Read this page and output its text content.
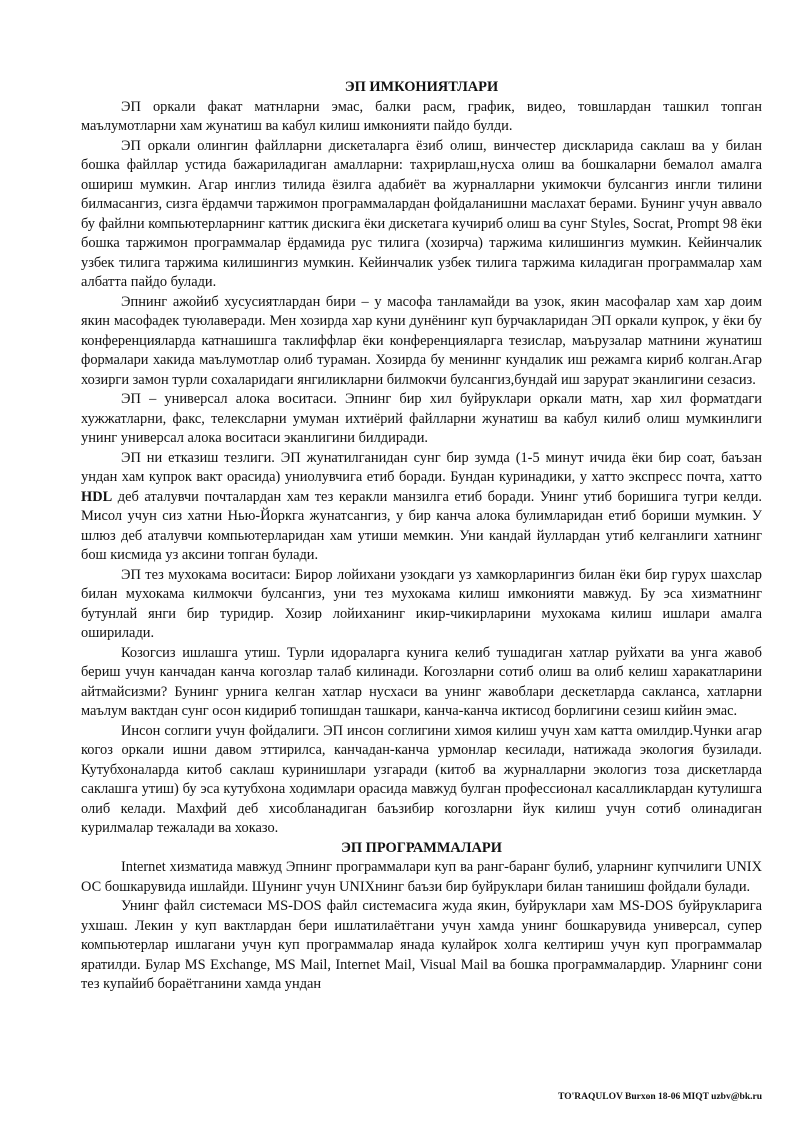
ЭП ИМКОНИЯТЛАРИ

ЭП оркали факат матнларни эмас, балки расм, график, видео, товшлардан ташкил топган маълумотларни хам жунатиш ва кабул килиш имконияти пайдо булди.

ЭП оркали олингин файлларни дискеталарга ёзиб олиш, винчестер дискларида саклаш ва у билан бошка файллар устида бажариладиган амалларни: тахрирлаш,нусха олиш ва бошкаларни бемалол амалга ошириш мумкин. Агар инглиз тилида ёзилга адабиёт ва журналларни укимокчи булсангиз ингли тилини билмасангиз, сизга ёрдамчи таржимон программалардан фойдаланишни маслахат берами. Бунинг учун аввало бу файлни компьютерларнинг каттик дискига ёки дискетага кучириб олиш ва сунг Styles, Socrat, Prompt 98 ёки бошка таржимон программалар ёрдамида рус тилига (хозирча) таржима килишингиз мумкин. Кейинчалик узбек тилига таржима килишингиз мумкин. Кейинчалик узбек тилига таржима киладиган программалар хам албатта пайдо булади.

Эпнинг ажойиб хусусиятлардан бири – у масофа танламайди ва узок, якин масофалар хам хар доим якин масофадек туюлаверади. Мен хозирда хар куни дунёнинг куп бурчакларидан ЭП оркали купрок, у ёки бу конференцияларда катнашишга таклиффлар ёки конференцияларга тезислар, маърузалар матнини жунатиш формалари хакида маълумотлар олиб тураман. Хозирда бу мениннг кундалик иш режамга кириб колган.Агар хозирги замон турли сохаларидаги янгиликларни билмокчи булсангиз,бундай иш зарурат эканлигини сезасиз.

ЭП – универсал алока воситаси. Эпнинг бир хил буйруклари оркали матн, хар хил форматдаги хужжатларни, факс, телексларни умуман ихтиёрий файлларни жунатиш ва кабул килиб олиш мумкинлиги унинг универсал алока воситаси эканлигини билдиради.

ЭП ни етказиш тезлиги. ЭП жунатилганидан сунг бир зумда (1-5 минут ичида ёки бир соат, баъзан ундан хам купрок вакт орасида) униолувчига етиб боради. Бундан куринадики, у хатто экспресс почта, хатто HDL деб аталувчи почталардан хам тез керакли манзилга етиб боради. Унинг утиб боришига тугри келди. Мисол учун сиз хатни Нью-Йоркга жунатсангиз, у бир канча алока булимларидан етиб бориши мумкин. У шлюз деб аталувчи компьютерларидан хам утиши мемкин. Уни кандай йуллардан утиб келганлиги хатнинг бош кисмида уз аксини топган булади.

ЭП тез мухокама воситаси: Бирор лойихани узокдаги уз хамкорларингиз билан ёки бир гурух шахслар билан мухокама килмокчи булсангиз, уни тез мухокама килиш имконияти мавжуд. Бу эса хизматнинг бутунлай янги бир туридир. Хозир лойиханинг икир-чикирларини мухокама килиш ишлари амалга оширилади.

Козогсиз ишлашга утиш. Турли идораларга кунига келиб тушадиган хатлар руйхати ва унга жавоб бериш учун канчадан канча когозлар талаб килинади. Когозларни сотиб олиш ва олиб келиш харакатларини айтмайсизми? Бунинг урнига келган хатлар нусхаси ва унинг жавоблари дескетларда сакланса, хатларни маълум вактдан сунг осон кидириб топишдан ташкари, канча-канча иктисод борлигини сезиш кийин эмас.

Инсон соглиги учун фойдалиги. ЭП инсон соглигини химоя килиш учун хам катта омилдир.Чунки агар когоз оркали ишни давом эттирилса, канчадан-канча урмонлар кесилади, натижада экология бузилади. Кутубхоналарда китоб саклаш куринишлари узгаради (китоб ва журналларни экологиз тоза дискетларда саклашга утиш) бу эса кутубхона ходимлари орасида мавжуд булган профессионал касалликлардан кутулишга олиб келади. Махфий деб хисобланадиган баъзибир когозларни йук килиш учун сотиб олинадиган курилмалар тежалади ва хоказо.

ЭП ПРОГРАММАЛАРИ

Internet хизматида мавжуд Эпнинг программалари куп ва ранг-баранг булиб, уларнинг купчилиги UNIX ОС бошкарувида ишлайди. Шунинг учун UNIXнинг баъзи бир буйруклари билан танишиш фойдали булади.

Унинг файл системаси MS-DOS файл системасига жуда якин, буйруклари хам MS-DOS буйрукларига ухшаш. Лекин у куп вактлардан бери ишлатилаётгани учун хамда унинг бошкарувида универсал, супер компьютерлар ишлагани учун куп программалар янада кулайрок холга келтириш учун куп программалар яратилди. Булар MS Exchange, MS Mail, Internet Mail, Visual Mail ва бошка программалардир. Уларнинг сони тез купайиб бораётганини хамда ундан

TO'RAQULOV Burxon 18-06 MIQT uzbv@bk.ru
